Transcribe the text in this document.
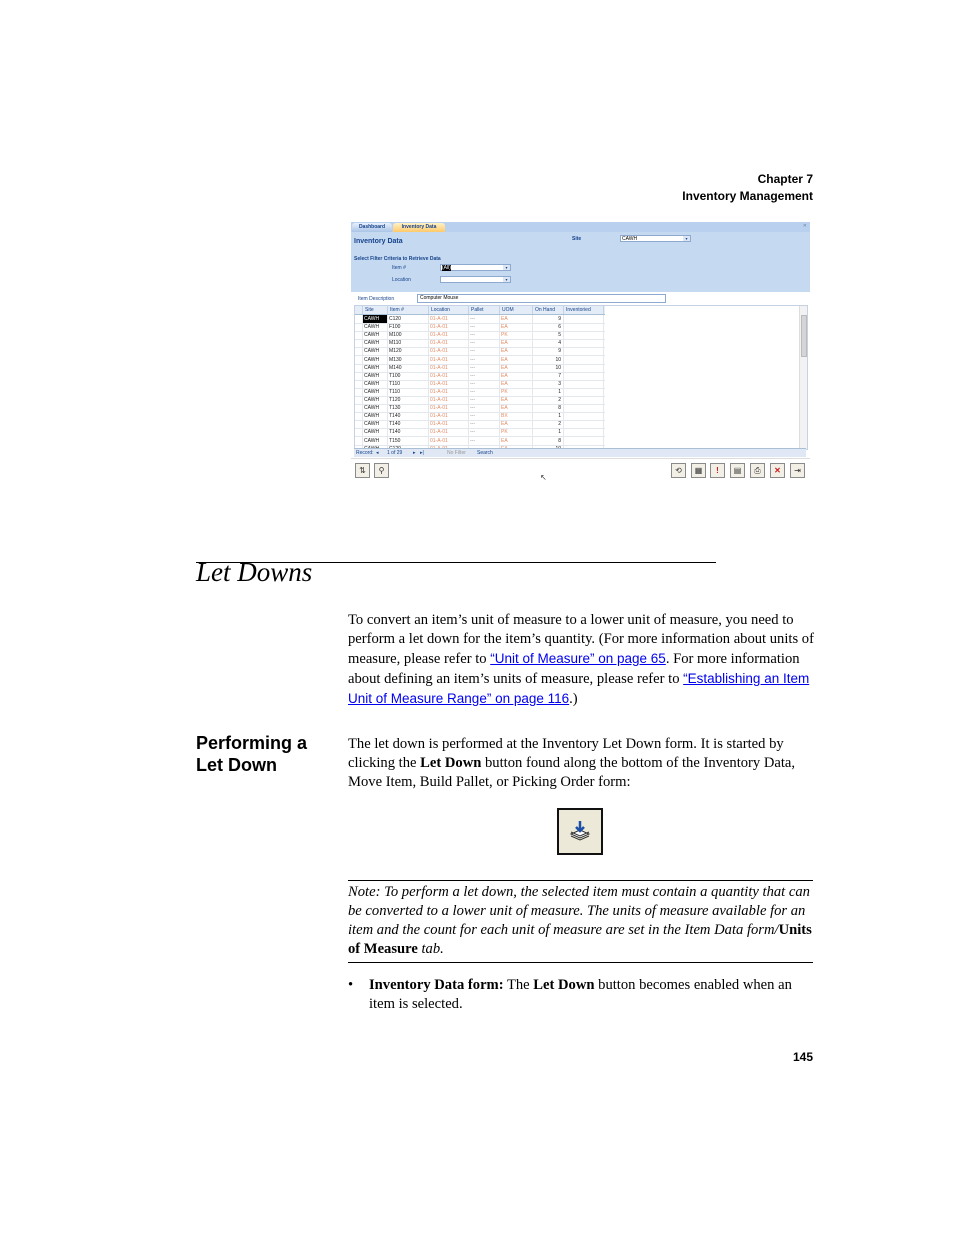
Chapter 7
Inventory Management
Dashboard	Inventory Data	✕
Inventory Data	Site	CAWH	▾
Select Filter Criteria to Retrieve Data
Item #	(All)	▾
Location	▾
Item Description	Computer Mouse
Site	Item #	Location	Pallet	UOM	On Hand	Inventoried
CAWH	C120	01-A-01	---	EA	9
CAWH	F100	01-A-01	---	EA	6
CAWH	M100	01-A-01	---	PK	5
CAWH	M110	01-A-01	---	EA	4
CAWH	M120	01-A-01	---	EA	9
CAWH	M130	01-A-01	---	EA	10
CAWH	M140	01-A-01	---	EA	10
CAWH	T100	01-A-01	---	EA	7
CAWH	T110	01-A-01	---	EA	3
CAWH	T110	01-A-01	---	PK	1
CAWH	T120	01-A-01	---	EA	2
CAWH	T130	01-A-01	---	EA	8
CAWH	T140	01-A-01	---	BX	1
CAWH	T140	01-A-01	---	EA	2
CAWH	T140	01-A-01	---	PK	1
CAWH	T150	01-A-01	---	EA	8
Record: ◂ 1 of 29 ▸ ▸|	No Filter Search
⇅	⚲	⟲	▦	!	▤	⎙	✕	⇥
↖
Let Downs
To convert an item’s unit of measure to a lower unit of measure, you need to perform a let down for the item’s quantity. (For more information about units of measure, please refer to “Unit of Measure” on page 65. For more information about defining an item’s units of measure, please refer to “Establishing an Item Unit of Measure Range” on page 116.)
Performing a Let Down
The let down is performed at the Inventory Let Down form. It is started by clicking the Let Down button found along the bottom of the Inventory Data, Move Item, Build Pallet, or Picking Order form:
Note: To perform a let down, the selected item must contain a quantity that can be converted to a lower unit of measure. The units of measure available for an item and the count for each unit of measure are set in the Item Data form/Units of Measure tab.
• Inventory Data form: The Let Down button becomes enabled when an item is selected.
145
